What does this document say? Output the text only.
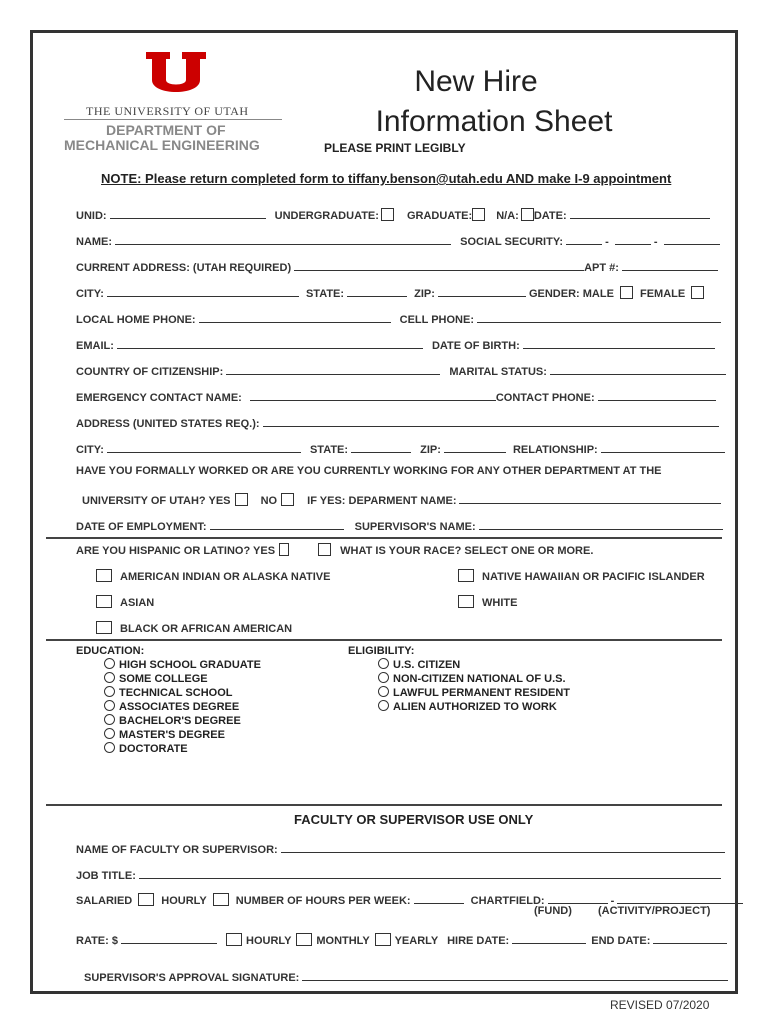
THE UNIVERSITY OF UTAH
DEPARTMENT OF
MECHANICAL ENGINEERING
New Hire
Information Sheet
PLEASE PRINT LEGIBLY
NOTE: Please return completed form to tiffany.benson@utah.edu AND make I-9 appointment
UNID:	UNDERGRADUATE:	GRADUATE: N/A: DATE:
NAME:	SOCIAL SECURITY:	-	-
CURRENT ADDRESS: (UTAH REQUIRED)	APT #:
CITY:	STATE:	ZIP:	GENDER: MALE FEMALE
LOCAL HOME PHONE:	CELL PHONE:
EMAIL:	DATE OF BIRTH:
COUNTRY OF CITIZENSHIP:	MARITAL STATUS:
EMERGENCY CONTACT NAME:	CONTACT PHONE:
ADDRESS (UNITED STATES REQ.):
CITY:	STATE:	ZIP:	RELATIONSHIP:
HAVE YOU FORMALLY WORKED OR ARE YOU CURRENTLY WORKING FOR ANY OTHER DEPARTMENT AT THE
UNIVERSITY OF UTAH? YES	NO	IF YES: DEPARMENT NAME:
DATE OF EMPLOYMENT:	SUPERVISOR'S NAME:
ARE YOU HISPANIC OR LATINO? YES	WHAT IS YOUR RACE? SELECT ONE OR MORE.
AMERICAN INDIAN OR ALASKA NATIVE	NATIVE HAWAIIAN OR PACIFIC ISLANDER
ASIAN	WHITE
BLACK OR AFRICAN AMERICAN
EDUCATION:
HIGH SCHOOL GRADUATE
SOME COLLEGE
TECHNICAL SCHOOL
ASSOCIATES DEGREE
BACHELOR'S DEGREE
MASTER'S DEGREE
DOCTORATE
ELIGIBILITY:
U.S. CITIZEN
NON-CITIZEN NATIONAL OF U.S.
LAWFUL PERMANENT RESIDENT
ALIEN AUTHORIZED TO WORK
FACULTY OR SUPERVISOR USE ONLY
NAME OF FACULTY OR SUPERVISOR:
JOB TITLE:
SALARIED	HOURLY	NUMBER OF HOURS PER WEEK:	CHARTFIELD:	-
(FUND) (ACTIVITY/PROJECT)
RATE: $	HOURLY MONTHLY YEARLY HIRE DATE:	END DATE:
SUPERVISOR'S APPROVAL SIGNATURE:
REVISED 07/2020
